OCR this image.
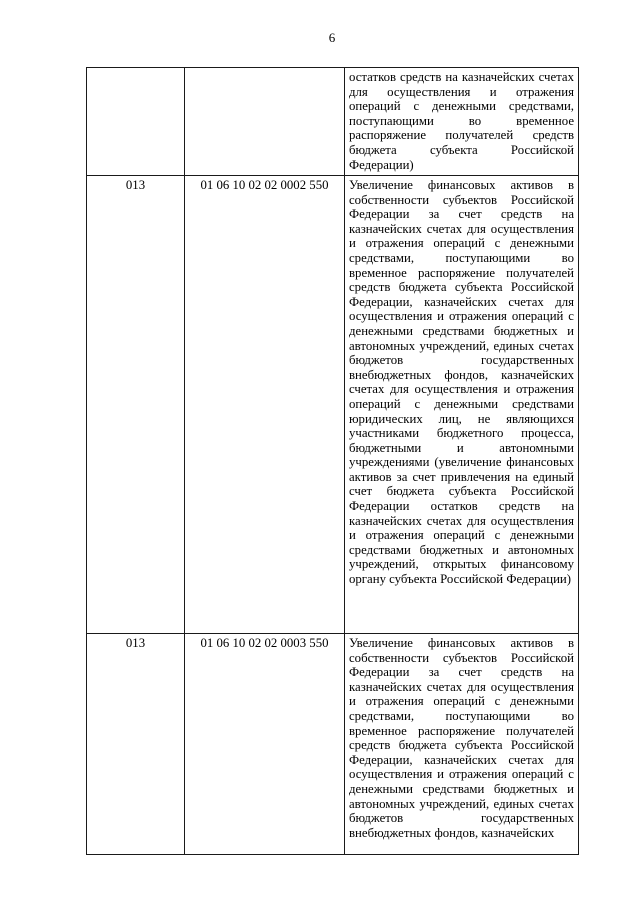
6

		остатков средств на казначейских счетах для осуществления и отражения операций с денежными средствами, поступающими во временное распоряжение получателей средств бюджета субъекта Российской Федерации)

013	01 06 10 02 02 0002 550	Увеличение финансовых активов в собственности субъектов Российской Федерации за счет средств на казначейских счетах для осуществления и отражения операций с денежными средствами, поступающими во временное распоряжение получателей средств бюджета субъекта Российской Федерации, казначейских счетах для осуществления и отражения операций с денежными средствами бюджетных и автономных учреждений, единых счетах бюджетов государственных внебюджетных фондов, казначейских счетах для осуществления и отражения операций с денежными средствами юридических лиц, не являющихся участниками бюджетного процесса, бюджетными и автономными учреждениями (увеличение финансовых активов за счет привлечения на единый счет бюджета субъекта Российской Федерации остатков средств на казначейских счетах для осуществления и отражения операций с денежными средствами бюджетных и автономных учреждений, открытых финансовому органу субъекта Российской Федерации)

013	01 06 10 02 02 0003 550	Увеличение финансовых активов в собственности субъектов Российской Федерации за счет средств на казначейских счетах для осуществления и отражения операций с денежными средствами, поступающими во временное распоряжение получателей средств бюджета субъекта Российской Федерации, казначейских счетах для осуществления и отражения операций с денежными средствами бюджетных и автономных учреждений, единых счетах бюджетов государственных внебюджетных фондов, казначейских
